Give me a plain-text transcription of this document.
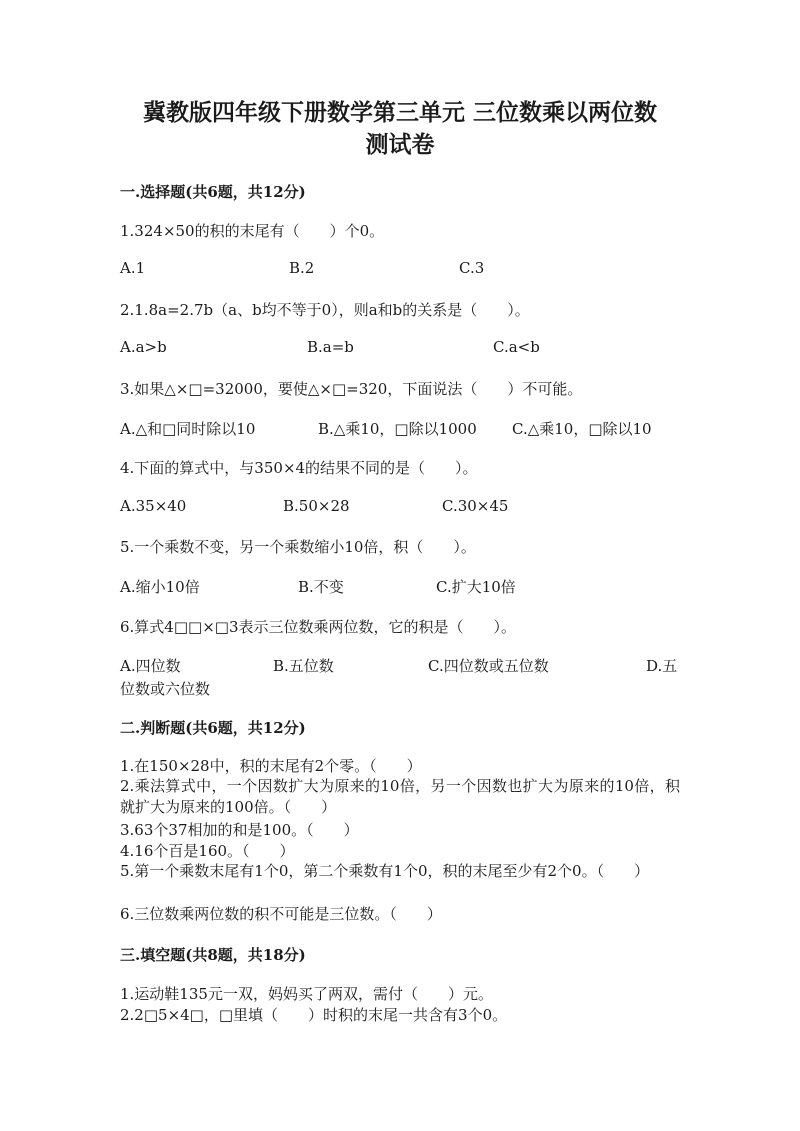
冀教版四年级下册数学第三单元 三位数乘以两位数
测试卷
一.选择题(共6题，共12分)
1.324×50的积的末尾有（　　）个0。
A.1	B.2	C.3
2.1.8a=2.7b（a、b均不等于0），则a和b的关系是（　　）。
A.a>b	B.a=b	C.a<b
3.如果△×□=32000，要使△×□=320，下面说法（　　）不可能。
A.△和□同时除以10	B.△乘10，□除以1000 C.△乘10，□除以10
4.下面的算式中，与350×4的结果不同的是（　　）。
A.35×40	B.50×28	C.30×45
5.一个乘数不变，另一个乘数缩小10倍，积（　　）。
A.缩小10倍	B.不变	C.扩大10倍
6.算式4□□×□3表示三位数乘两位数，它的积是（　　）。
A.四位数	B.五位数	C.四位数或五位数	D.五位数或六位数
二.判断题(共6题，共12分)
1.在150×28中，积的末尾有2个零。（　　）
2.乘法算式中，一个因数扩大为原来的10倍，另一个因数也扩大为原来的10倍，积就扩大为原来的100倍。（　　）
3.63个37相加的和是100。（　　）
4.16个百是160。（　　）
5.第一个乘数末尾有1个0，第二个乘数有1个0，积的末尾至少有2个0。（　　）
6.三位数乘两位数的积不可能是三位数。（　　）
三.填空题(共8题，共18分)
1.运动鞋135元一双，妈妈买了两双，需付（　　）元。
2.2□5×4□，□里填（　　）时积的末尾一共含有3个0。
